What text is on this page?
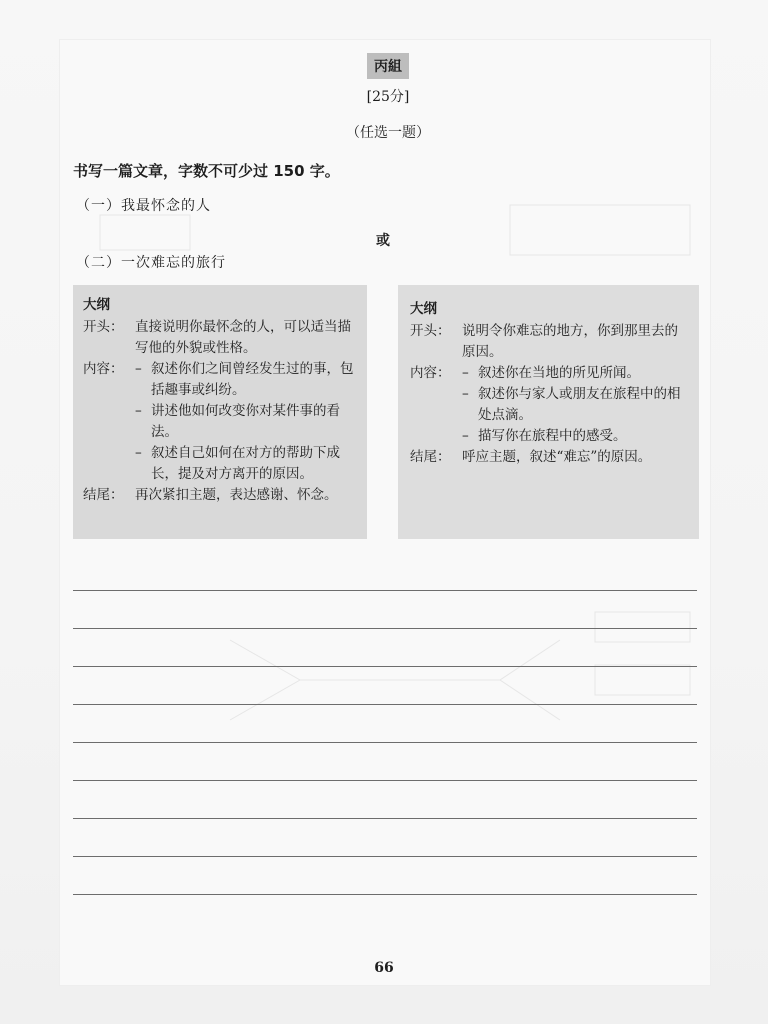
丙組
[25分]
（任选一题）
书写一篇文章，字数不可少过 150 字。
（一）我最怀念的人
或
（二）一次难忘的旅行
大纲
开头： 直接说明你最怀念的人，可以适当描写他的外貌或性格。
内容： – 叙述你们之间曾经发生过的事，包括趣事或纠纷。
– 讲述他如何改变你对某件事的看法。
– 叙述自己如何在对方的帮助下成长，提及对方离开的原因。
结尾： 再次紧扣主题，表达感谢、怀念。
大纲
开头： 说明令你难忘的地方，你到那里去的原因。
内容： – 叙述你在当地的所见所闻。
– 叙述你与家人或朋友在旅程中的相处点滴。
– 描写你在旅程中的感受。
结尾： 呼应主题，叙述“难忘”的原因。
66
